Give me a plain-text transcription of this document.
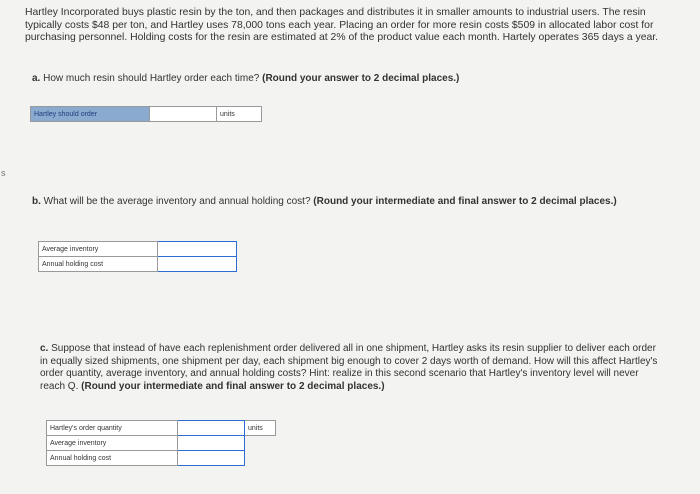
Hartley Incorporated buys plastic resin by the ton, and then packages and distributes it in smaller amounts to industrial users. The resin typically costs $48 per ton, and Hartley uses 78,000 tons each year. Placing an order for more resin costs $509 in allocated labor cost for purchasing personnel. Holding costs for the resin are estimated at 2% of the product value each month. Hartely operates 365 days a year.
s
a. How much resin should Hartley order each time? (Round your answer to 2 decimal places.)
Hartley should order		units
b. What will be the average inventory and annual holding cost? (Round your intermediate and final answer to 2 decimal places.)
Average inventory	
Annual holding cost	
c. Suppose that instead of have each replenishment order delivered all in one shipment, Hartley asks its resin supplier to deliver each order in equally sized shipments, one shipment per day, each shipment big enough to cover 2 days worth of demand. How will this affect Hartley's order quantity, average inventory, and annual holding costs? Hint: realize in this second scenario that Hartley's inventory level will never reach Q. (Round your intermediate and final answer to 2 decimal places.)
Hartley's order quantity		units
Average inventory		
Annual holding cost		
